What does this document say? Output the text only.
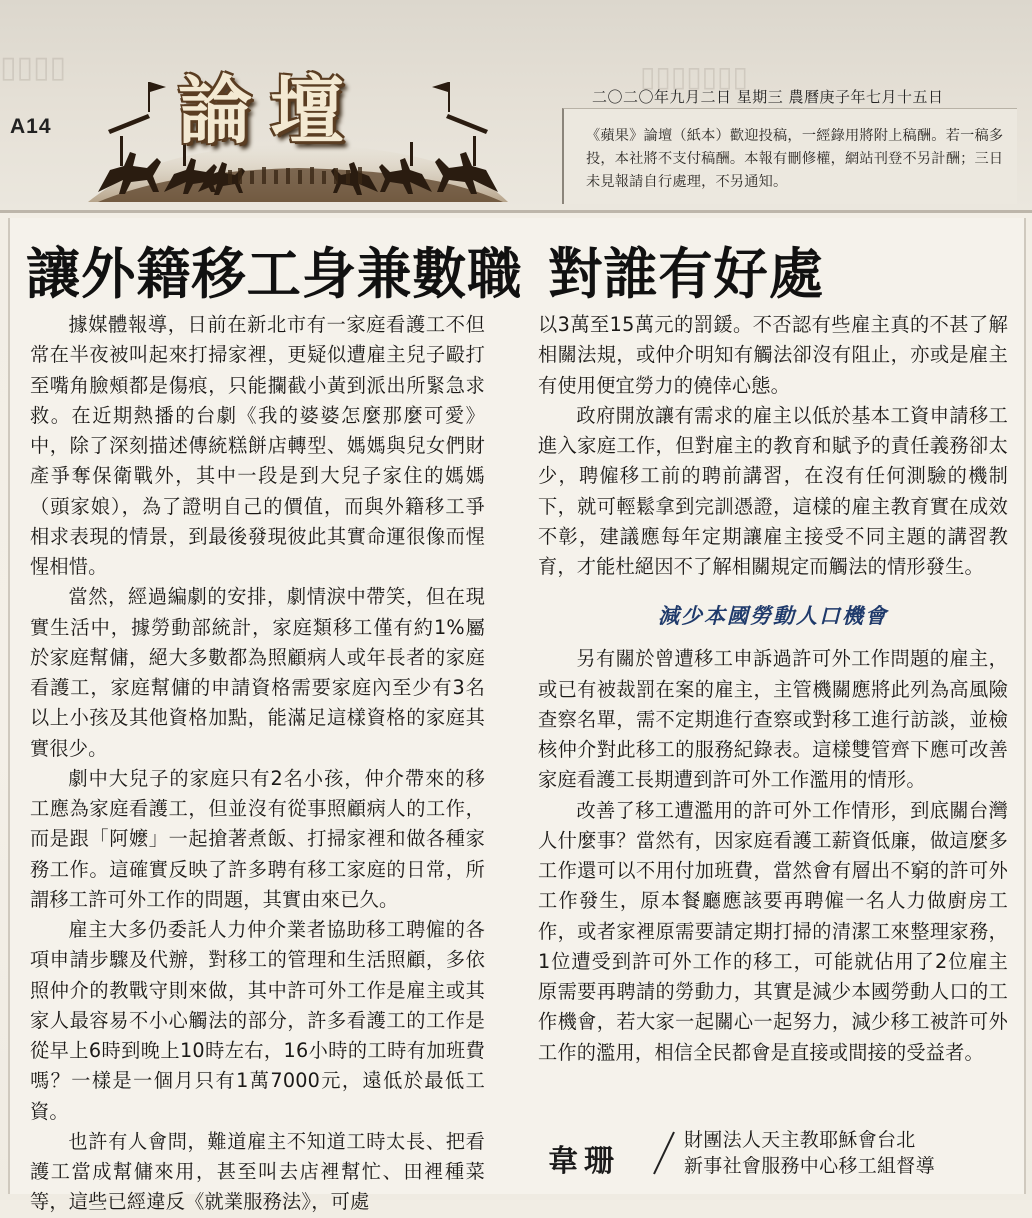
▯▯▯▯	▯▯▯▯▯▯▯
A14 論壇	二〇二〇年九月二日 星期三 農曆庚子年七月十五日
《蘋果》論壇（紙本）歡迎投稿，一經錄用將附上稿酬。若一稿多投，本社將不支付稿酬。本報有刪修權，網站刊登不另計酬；三日未見報請自行處理，不另通知。
讓外籍移工身兼數職 對誰有好處

據媒體報導，日前在新北市有一家庭看護工不但常在半夜被叫起來打掃家裡，更疑似遭雇主兒子毆打至嘴角臉頰都是傷痕，只能攔截小黃到派出所緊急求救。在近期熱播的台劇《我的婆婆怎麼那麼可愛》中，除了深刻描述傳統糕餅店轉型、媽媽與兒女們財產爭奪保衛戰外，其中一段是到大兒子家住的媽媽（頭家娘），為了證明自己的價值，而與外籍移工爭相求表現的情景，到最後發現彼此其實命運很像而惺惺相惜。

當然，經過編劇的安排，劇情淚中帶笑，但在現實生活中，據勞動部統計，家庭類移工僅有約1%屬於家庭幫傭，絕大多數都為照顧病人或年長者的家庭看護工，家庭幫傭的申請資格需要家庭內至少有3名以上小孩及其他資格加點，能滿足這樣資格的家庭其實很少。

劇中大兒子的家庭只有2名小孩，仲介帶來的移工應為家庭看護工，但並沒有從事照顧病人的工作，而是跟「阿嬤」一起搶著煮飯、打掃家裡和做各種家務工作。這確實反映了許多聘有移工家庭的日常，所謂移工許可外工作的問題，其實由來已久。

雇主大多仍委託人力仲介業者協助移工聘僱的各項申請步驟及代辦，對移工的管理和生活照顧，多依照仲介的教戰守則來做，其中許可外工作是雇主或其家人最容易不小心觸法的部分，許多看護工的工作是從早上6時到晚上10時左右，16小時的工時有加班費嗎？一樣是一個月只有1萬7000元，遠低於最低工資。

也許有人會問，難道雇主不知道工時太長、把看護工當成幫傭來用，甚至叫去店裡幫忙、田裡種菜等，這些已經違反《就業服務法》，可處

以3萬至15萬元的罰鍰。不否認有些雇主真的不甚了解相關法規，或仲介明知有觸法卻沒有阻止，亦或是雇主有使用便宜勞力的僥倖心態。

政府開放讓有需求的雇主以低於基本工資申請移工進入家庭工作，但對雇主的教育和賦予的責任義務卻太少，聘僱移工前的聘前講習，在沒有任何測驗的機制下，就可輕鬆拿到完訓憑證，這樣的雇主教育實在成效不彰，建議應每年定期讓雇主接受不同主題的講習教育，才能杜絕因不了解相關規定而觸法的情形發生。

減少本國勞動人口機會

另有關於曾遭移工申訴過許可外工作問題的雇主，或已有被裁罰在案的雇主，主管機關應將此列為高風險查察名單，需不定期進行查察或對移工進行訪談，並檢核仲介對此移工的服務紀錄表。這樣雙管齊下應可改善家庭看護工長期遭到許可外工作濫用的情形。

改善了移工遭濫用的許可外工作情形，到底關台灣人什麼事？當然有，因家庭看護工薪資低廉，做這麼多工作還可以不用付加班費，當然會有層出不窮的許可外工作發生，原本餐廳應該要再聘僱一名人力做廚房工作，或者家裡原需要請定期打掃的清潔工來整理家務，1位遭受到許可外工作的移工，可能就佔用了2位雇主原需要再聘請的勞動力，其實是減少本國勞動人口的工作機會，若大家一起關心一起努力，減少移工被許可外工作的濫用，相信全民都會是直接或間接的受益者。

韋珊
財團法人天主教耶穌會台北
新事社會服務中心移工組督導
